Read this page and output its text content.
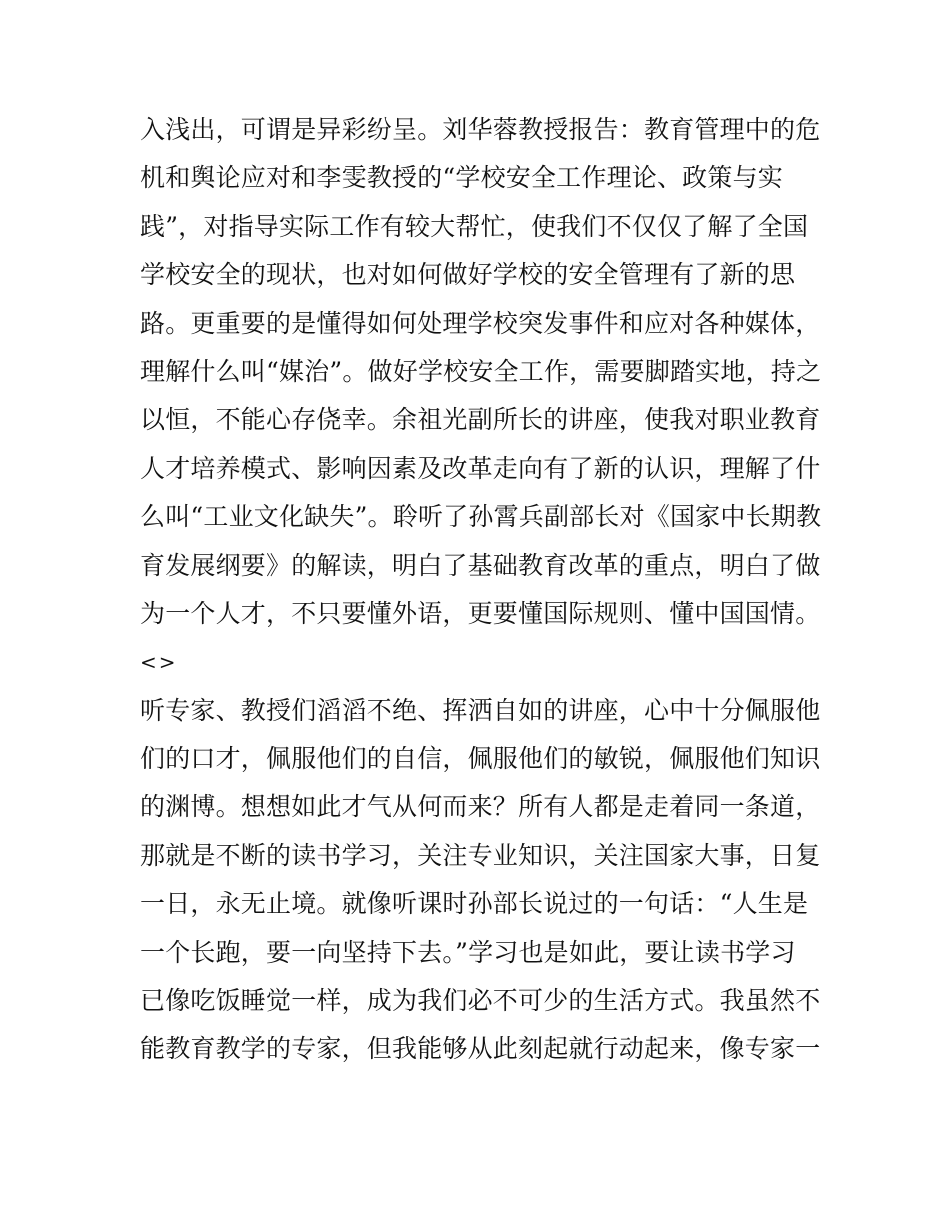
入浅出，可谓是异彩纷呈。刘华蓉教授报告：教育管理中的危
机和舆论应对和李雯教授的“学校安全工作理论、政策与实
践”，对指导实际工作有较大帮忙，使我们不仅仅了解了全国
学校安全的现状，也对如何做好学校的安全管理有了新的思
路。更重要的是懂得如何处理学校突发事件和应对各种媒体，
理解什么叫“媒治”。做好学校安全工作，需要脚踏实地，持之
以恒，不能心存侥幸。余祖光副所长的讲座，使我对职业教育
人才培养模式、影响因素及改革走向有了新的认识，理解了什
么叫“工业文化缺失”。聆听了孙霄兵副部长对《国家中长期教
育发展纲要》的解读，明白了基础教育改革的重点，明白了做
为一个人才，不只要懂外语，更要懂国际规则、懂中国国情。
<>
听专家、教授们滔滔不绝、挥洒自如的讲座，心中十分佩服他
们的口才，佩服他们的自信，佩服他们的敏锐，佩服他们知识
的渊博。想想如此才气从何而来？所有人都是走着同一条道，
那就是不断的读书学习，关注专业知识，关注国家大事，日复
一日，永无止境。就像听课时孙部长说过的一句话：“人生是
一个长跑，要一向坚持下去。”学习也是如此，要让读书学习
已像吃饭睡觉一样，成为我们必不可少的生活方式。我虽然不
能教育教学的专家，但我能够从此刻起就行动起来，像专家一
